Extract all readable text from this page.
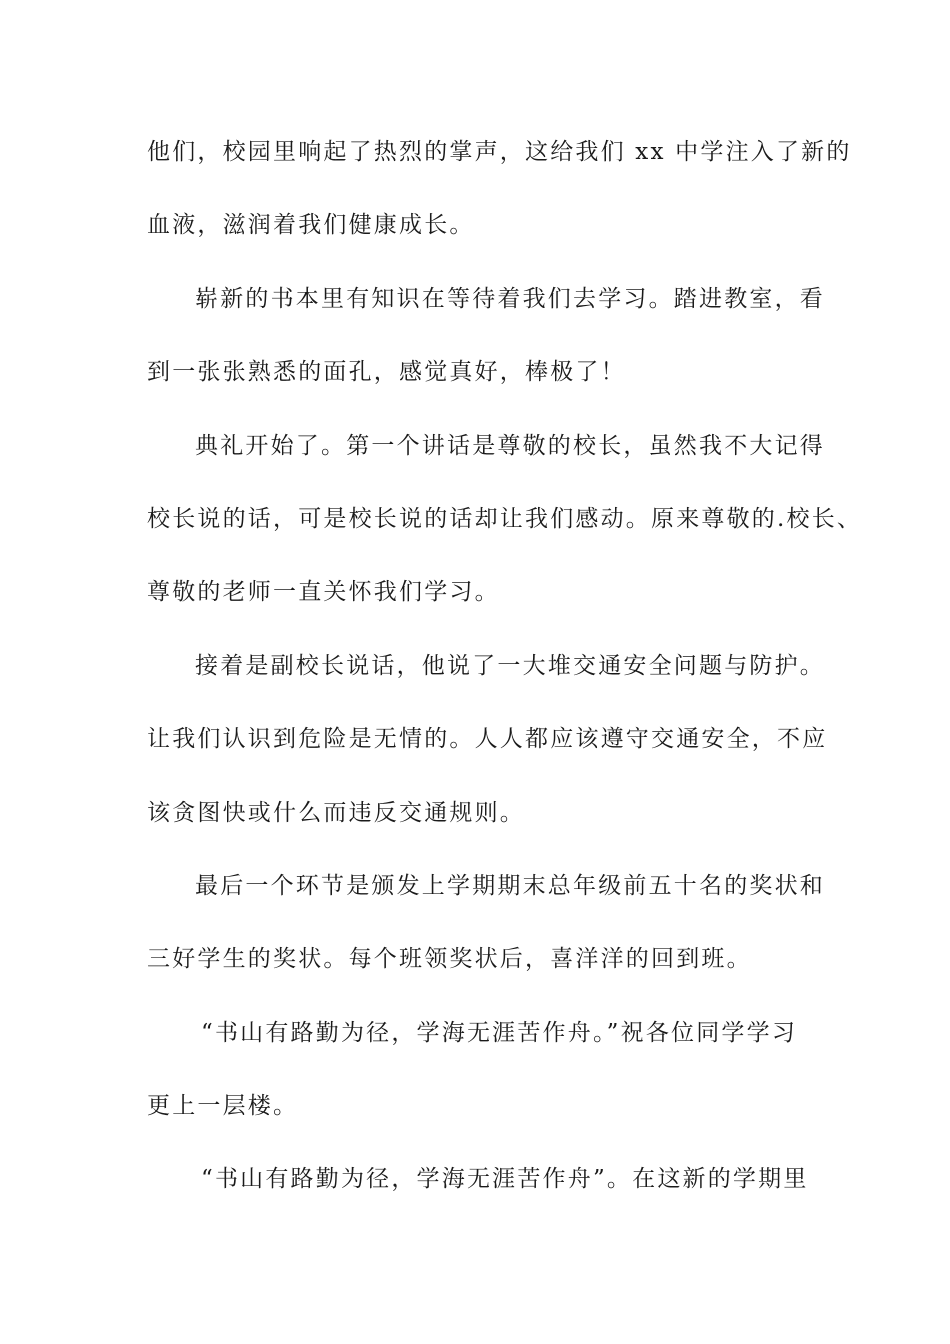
他们，校园里响起了热烈的掌声，这给我们 xx 中学注入了新的
血液，滋润着我们健康成长。
崭新的书本里有知识在等待着我们去学习。踏进教室，看
到一张张熟悉的面孔，感觉真好，棒极了！
典礼开始了。第一个讲话是尊敬的校长，虽然我不大记得
校长说的话，可是校长说的话却让我们感动。原来尊敬的.校长、
尊敬的老师一直关怀我们学习。
接着是副校长说话，他说了一大堆交通安全问题与防护。
让我们认识到危险是无情的。人人都应该遵守交通安全，不应
该贪图快或什么而违反交通规则。
最后一个环节是颁发上学期期末总年级前五十名的奖状和
三好学生的奖状。每个班领奖状后，喜洋洋的回到班。
“书山有路勤为径，学海无涯苦作舟。”祝各位同学学习
更上一层楼。
“书山有路勤为径，学海无涯苦作舟”。在这新的学期里
